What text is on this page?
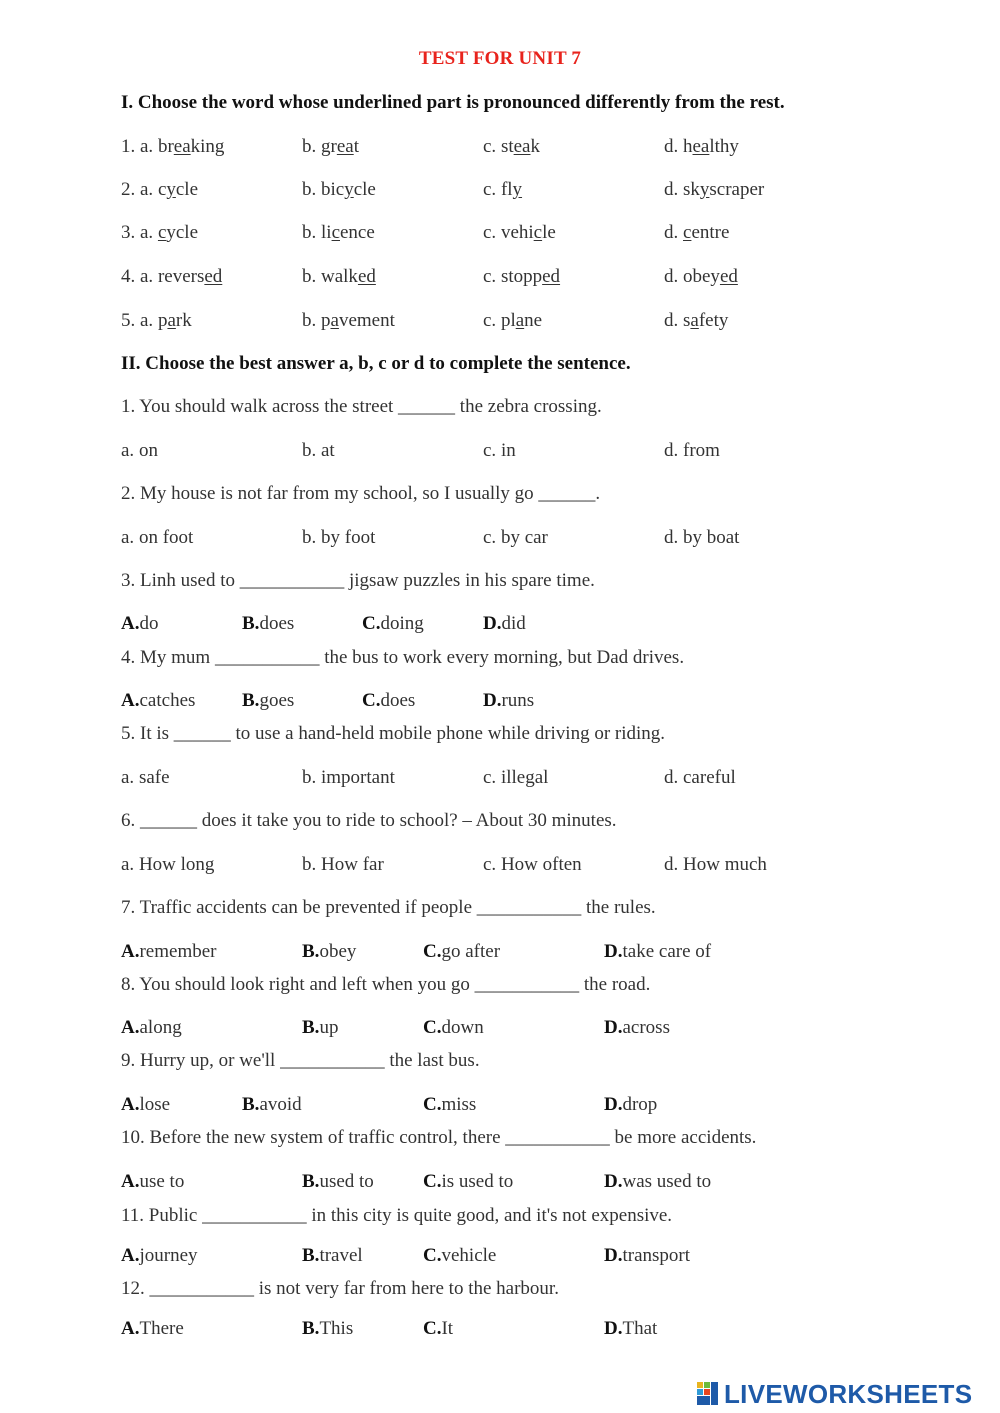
TEST FOR UNIT 7
I. Choose the word whose underlined part is pronounced differently from the rest.
1. a. breaking	b. great	c. steak	d. healthy
2. a. cycle	b. bicycle	c. fly	d. skyscraper
3. a. cycle	b. licence	c. vehicle	d. centre
4. a. reversed	b. walked	c. stopped	d. obeyed
5. a. park	b. pavement	c. plane	d. safety
II. Choose the best answer a, b, c or d to complete the sentence.
1. You should walk across the street ______ the zebra crossing.
a. on	b. at	c. in	d. from
2. My house is not far from my school, so I usually go ______.
a. on foot	b. by foot	c. by car	d. by boat
3. Linh used to ___________ jigsaw puzzles in his spare time.
A.do	B.does	C.doing	D.did
4. My mum ___________ the bus to work every morning, but Dad drives.
A.catches B.goes	C.does	D.runs
5. It is ______ to use a hand-held mobile phone while driving or riding.
a. safe	b. important	c. illegal	d. careful
6. ______ does it take you to ride to school? – About 30 minutes.
a. How long	b. How far	c. How often	d. How much
7. Traffic accidents can be prevented if people ___________ the rules.
A.remember	B.obey	C.go after	D.take care of
8. You should look right and left when you go ___________ the road.
A.along	B.up	C.down	D.across
9. Hurry up, or we'll ___________ the last bus.
A.lose	B.avoid	C.miss	D.drop
10. Before the new system of traffic control, there ___________ be more accidents.
A.use to	B.used to	C.is used to	D.was used to
11. Public ___________ in this city is quite good, and it's not expensive.
A.journey	B.travel	C.vehicle	D.transport
12. ___________ is not very far from here to the harbour.
A.There	B.This	C.It	D.That
LIVEWORKSHEETS
